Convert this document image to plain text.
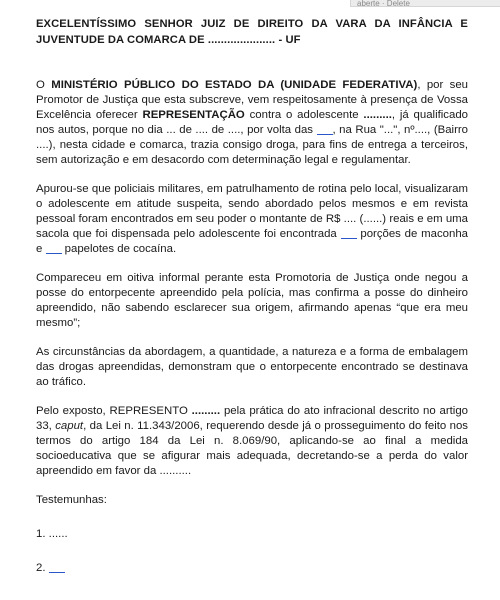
aberte · Delete

EXCELENTÍSSIMO SENHOR JUIZ DE DIREITO DA VARA DA INFÂNCIA E JUVENTUDE DA COMARCA DE ..................... - UF

O MINISTÉRIO PÚBLICO DO ESTADO DA (UNIDADE FEDERATIVA), por seu Promotor de Justiça que esta subscreve, vem respeitosamente à presença de Vossa Excelência oferecer REPRESENTAÇÃO contra o adolescente ........., já qualificado nos autos, porque no dia ... de .... de ...., por volta das , na Rua "...", nº...., (Bairro ....), nesta cidade e comarca, trazia consigo droga, para fins de entrega a terceiros, sem autorização e em desacordo com determinação legal e regulamentar.

Apurou-se que policiais militares, em patrulhamento de rotina pelo local, visualizaram o adolescente em atitude suspeita, sendo abordado pelos mesmos e em revista pessoal foram encontrados em seu poder o montante de R$ .... (......) reais e em uma sacola que foi dispensada pelo adolescente foi encontrada  porções de maconha e  papelotes de cocaína.

Compareceu em oitiva informal perante esta Promotoria de Justiça onde negou a posse do entorpecente apreendido pela polícia, mas confirma a posse do dinheiro apreendido, não sabendo esclarecer sua origem, afirmando apenas “que era meu mesmo”;

As circunstâncias da abordagem, a quantidade, a natureza e a forma de embalagem das drogas apreendidas, demonstram que o entorpecente encontrado se destinava ao tráfico.

Pelo exposto, REPRESENTO ......... pela prática do ato infracional descrito no artigo 33, caput, da Lei n. 11.343/2006, requerendo desde já o prosseguimento do feito nos termos do artigo 184 da Lei n. 8.069/90, aplicando-se ao final a medida socioeducativa que se afigurar mais adequada, decretando-se a perda do valor apreendido em favor da ..........

Testemunhas:

1. ......

2.
